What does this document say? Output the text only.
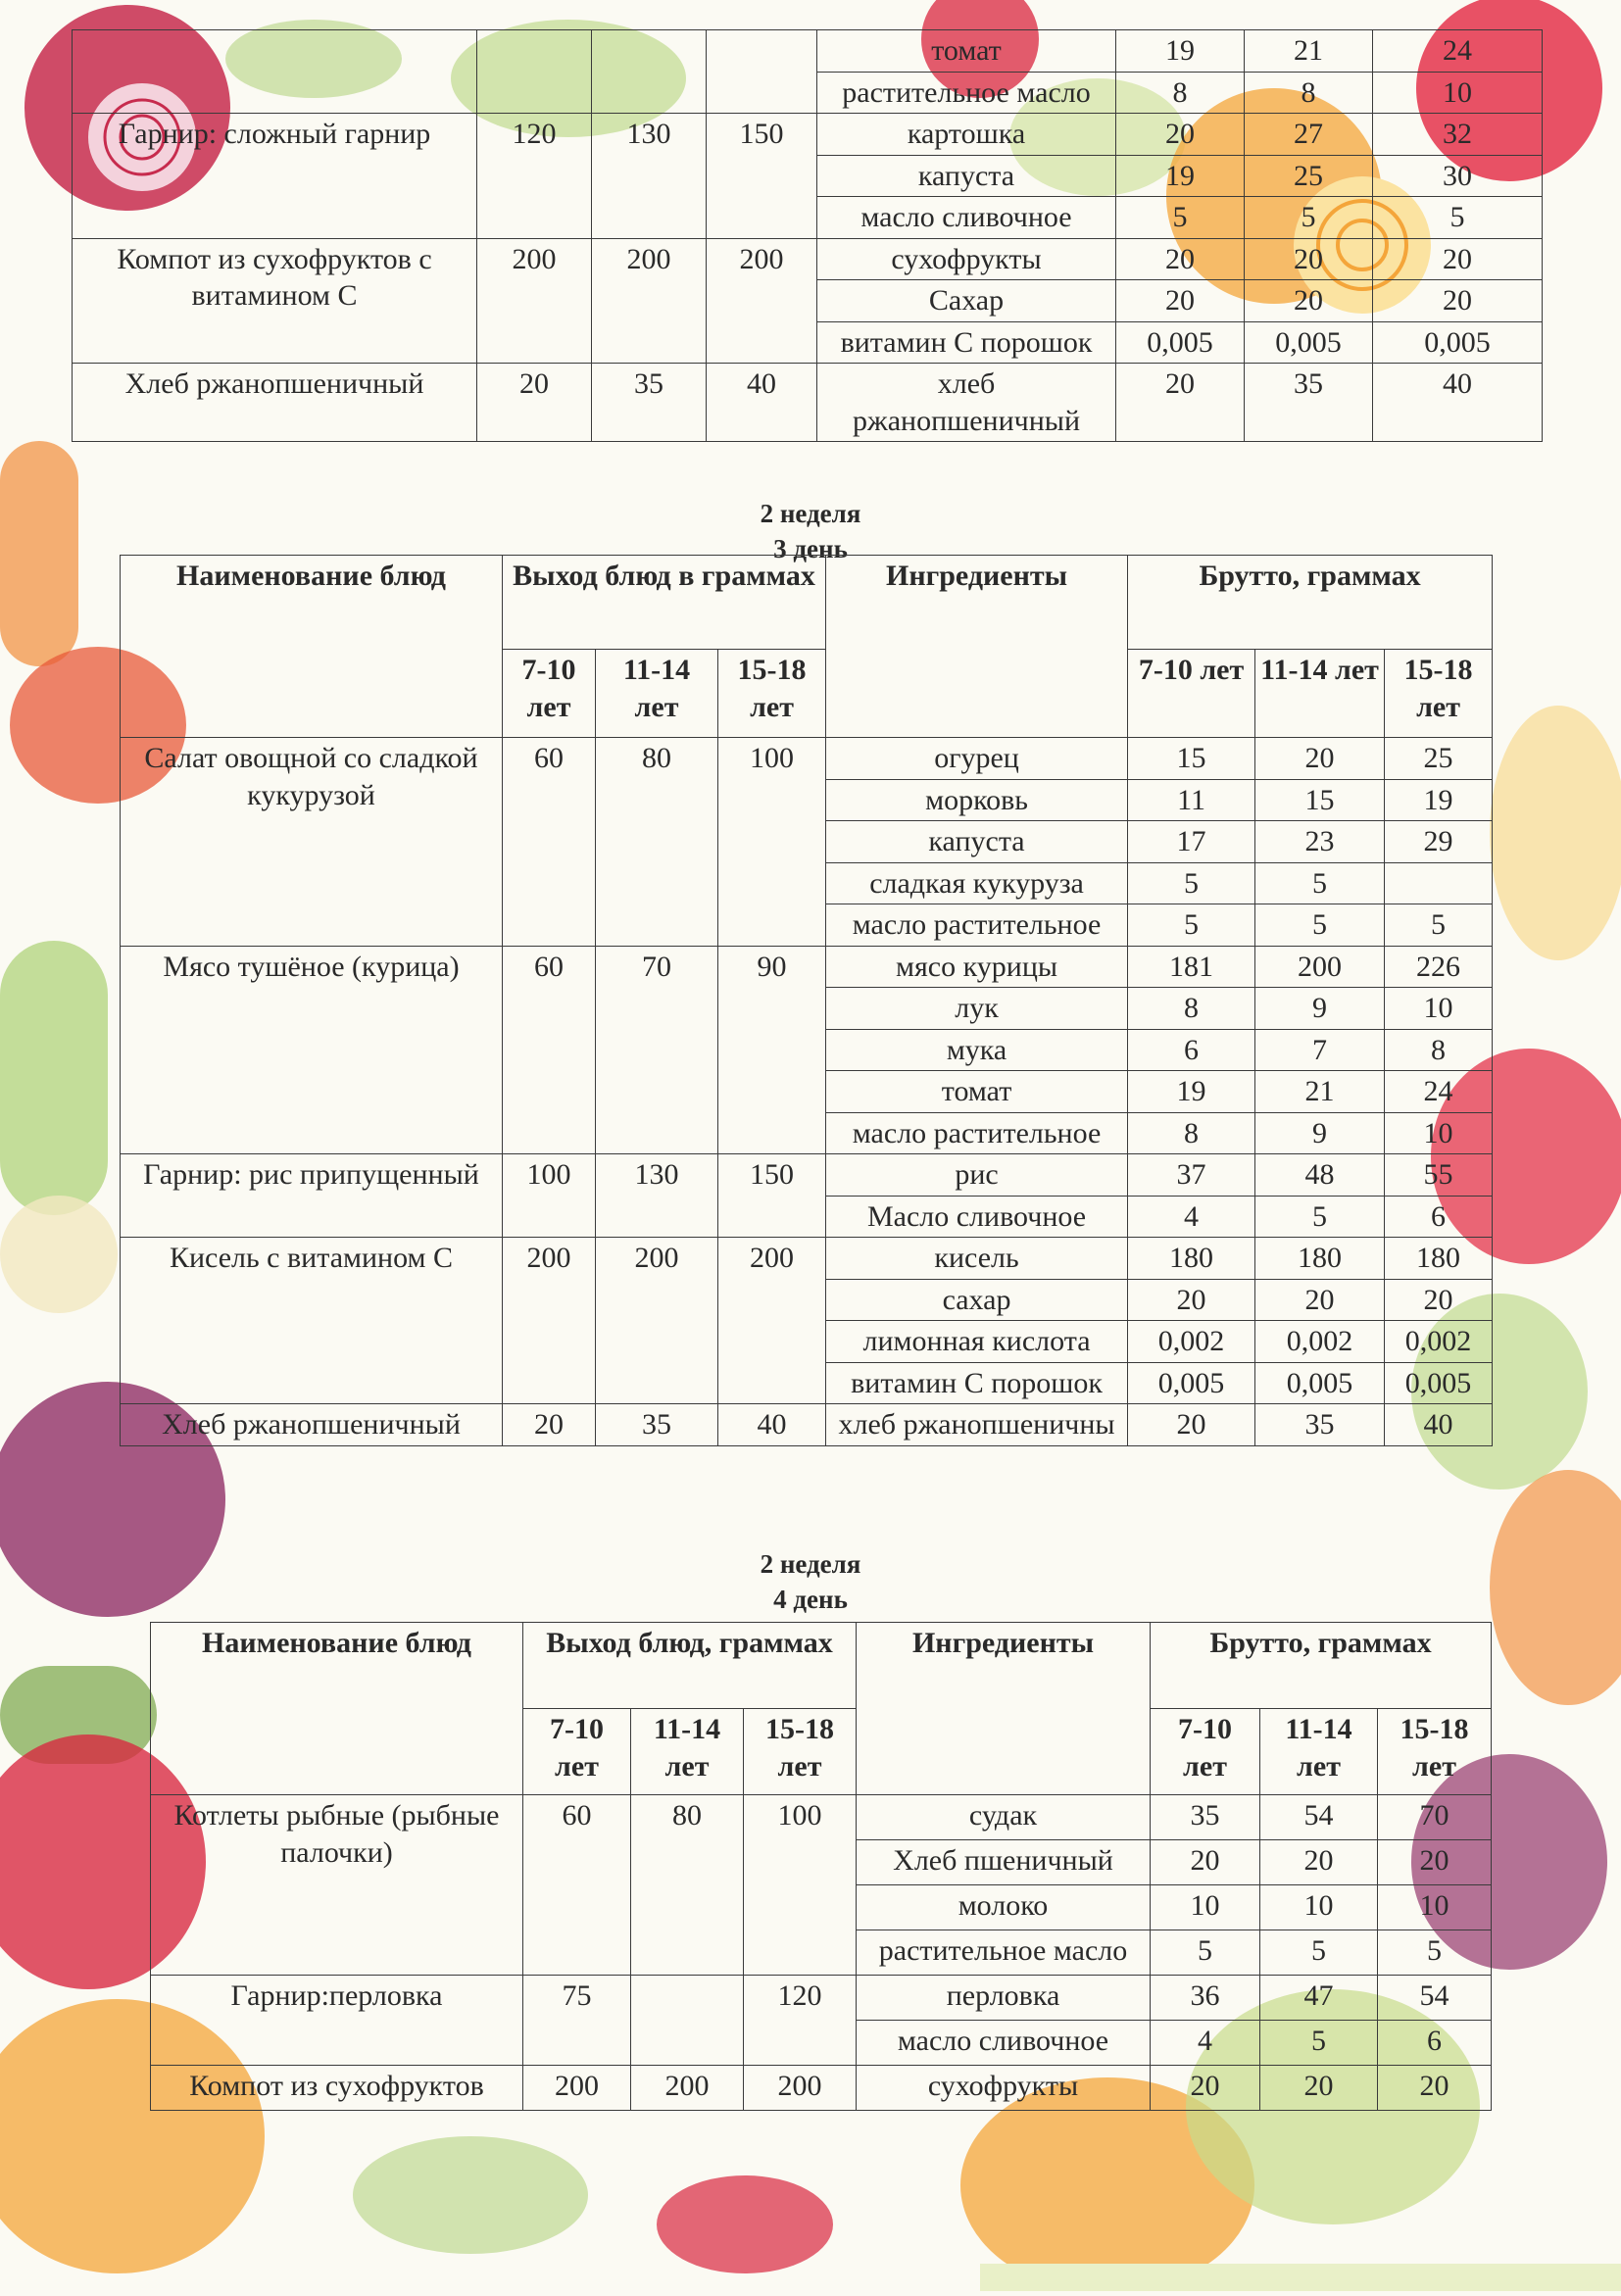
				томат	19	21	24
				растительное масло	8	8	10
Гарнир: сложный гарнир	120	130	150	картошка	20	27	32
				капуста	19	25	30
				масло сливочное	5	5	5
Компот из сухофруктов с витамином С	200	200	200	сухофрукты	20	20	20
				Сахар	20	20	20
				витамин С порошок	0,005	0,005	0,005
Хлеб ржанопшеничный	20	35	40	хлеб ржанопшеничный	20	35	40
2 неделя
3 день
Наименование блюд	Выход блюд в граммах			Ингредиенты	Брутто, граммах		
	7-10 лет	11-14 лет	15-18 лет		7-10 лет	11-14 лет	15-18 лет
Салат овощной со сладкой кукурузой	60	80	100	огурец	15	20	25
				морковь	11	15	19
				капуста	17	23	29
				сладкая кукуруза	5	5	
				масло растительное	5	5	5
Мясо тушёное (курица)	60	70	90	мясо курицы	181	200	226
				лук	8	9	10
				мука	6	7	8
				томат	19	21	24
				масло растительное	8	9	10
Гарнир: рис припущенный	100	130	150	рис	37	48	55
				Масло сливочное	4	5	6
Кисель с витамином С	200	200	200	кисель	180	180	180
				сахар	20	20	20
				лимонная кислота	0,002	0,002	0,002
				витамин С порошок	0,005	0,005	0,005
Хлеб ржанопшеничный	20	35	40	хлеб ржанопшеничны	20	35	40
2 неделя
4 день
Наименование блюд	Выход блюд, граммах			Ингредиенты	Брутто, граммах		
	7-10 лет	11-14 лет	15-18 лет		7-10 лет	11-14 лет	15-18 лет
Котлеты рыбные (рыбные палочки)	60	80	100	судак	35	54	70
				Хлеб пшеничный	20	20	20
				молоко	10	10	10
				растительное масло	5	5	5
Гарнир:перловка	75		120	перловка	36	47	54
				масло сливочное	4	5	6
Компот из сухофруктов	200	200	200	сухофрукты	20	20	20
